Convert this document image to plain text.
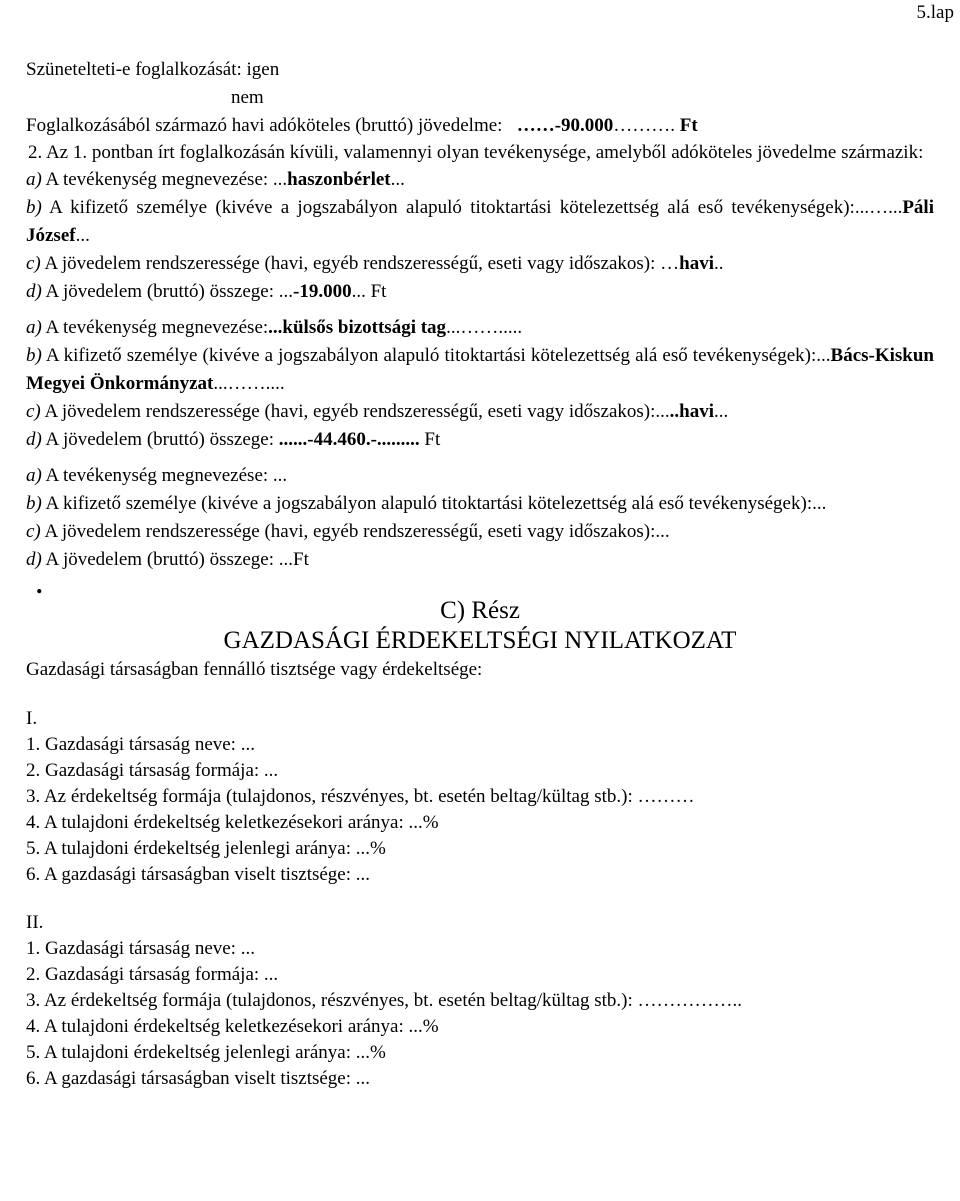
5.lap
Szünetelteti-e foglalkozását: igen
nem
Foglalkozásából származó havi adóköteles (bruttó) jövedelme: ……-90.000………. Ft
2. Az 1. pontban írt foglalkozásán kívüli, valamennyi olyan tevékenysége, amelyből adóköteles jövedelme származik:
a) A tevékenység megnevezése: ...haszonbérlet...
b) A kifizető személye (kivéve a jogszabályon alapuló titoktartási kötelezettség alá eső tevékenységek):...…...Páli József...
c) A jövedelem rendszeressége (havi, egyéb rendszerességű, eseti vagy időszakos): …havi..
d) A jövedelem (bruttó) összege: ...-19.000... Ft
a) A tevékenység megnevezése:...külsős bizottsági tag...…….....
b) A kifizető személye (kivéve a jogszabályon alapuló titoktartási kötelezettség alá eső tevékenységek):...Bács-Kiskun Megyei Önkormányzat...……....
c) A jövedelem rendszeressége (havi, egyéb rendszerességű, eseti vagy időszakos):.....havi...
d) A jövedelem (bruttó) összege: ......-44.460.-......... Ft
a) A tevékenység megnevezése: ...
b) A kifizető személye (kivéve a jogszabályon alapuló titoktartási kötelezettség alá eső tevékenységek):...
c) A jövedelem rendszeressége (havi, egyéb rendszerességű, eseti vagy időszakos):...
d) A jövedelem (bruttó) összege: ...Ft
.
C) Rész
GAZDASÁGI ÉRDEKELTSÉGI NYILATKOZAT
Gazdasági társaságban fennálló tisztsége vagy érdekeltsége:
I.
1. Gazdasági társaság neve: ...
2. Gazdasági társaság formája: ...
3. Az érdekeltség formája (tulajdonos, részvényes, bt. esetén beltag/kültag stb.): ………
4. A tulajdoni érdekeltség keletkezésekori aránya: ...%
5. A tulajdoni érdekeltség jelenlegi aránya: ...%
6. A gazdasági társaságban viselt tisztsége: ...
II.
1. Gazdasági társaság neve: ...
2. Gazdasági társaság formája: ...
3. Az érdekeltség formája (tulajdonos, részvényes, bt. esetén beltag/kültag stb.): ……………..
4. A tulajdoni érdekeltség keletkezésekori aránya: ...%
5. A tulajdoni érdekeltség jelenlegi aránya: ...%
6. A gazdasági társaságban viselt tisztsége: ...
